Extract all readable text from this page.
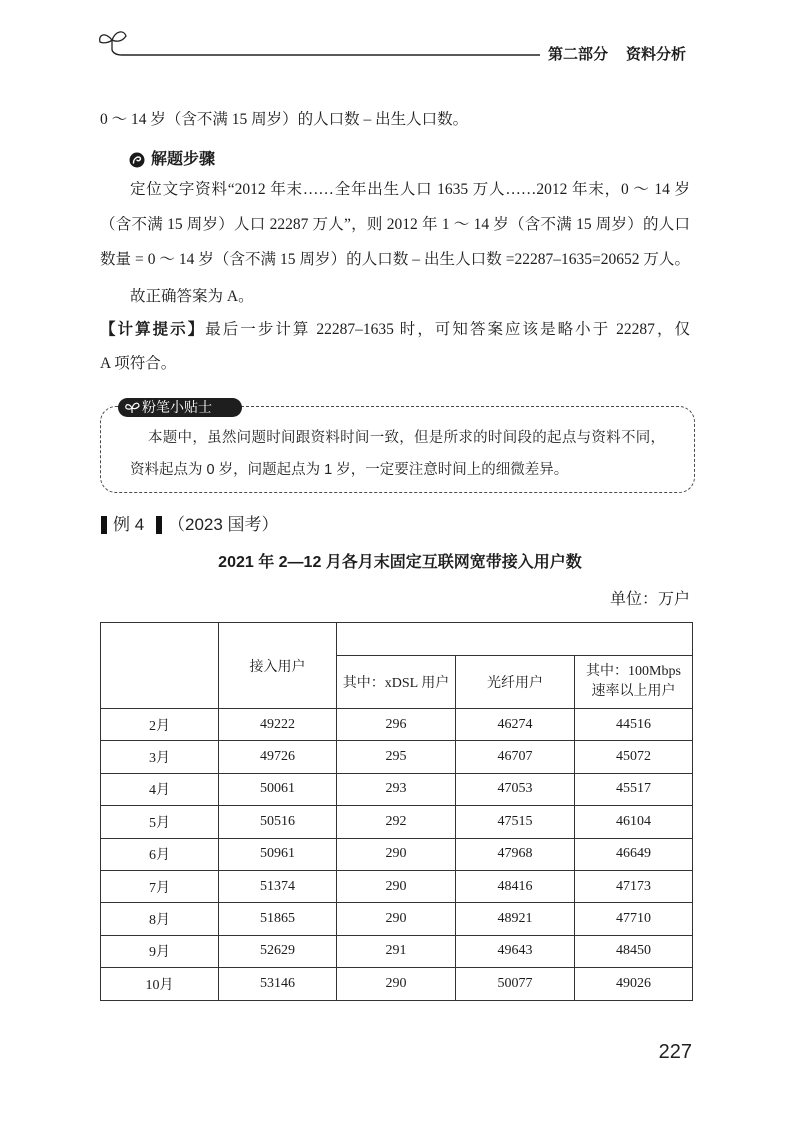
第二部分 资料分析
0 ～ 14 岁（含不满 15 周岁）的人口数 – 出生人口数。
解题步骤
定位文字资料“2012 年末……全年出生人口 1635 万人……2012 年末，0 ～ 14 岁
（含不满 15 周岁）人口 22287 万人”，则 2012 年 1 ～ 14 岁（含不满 15 周岁）的人口
数量 = 0 ～ 14 岁（含不满 15 周岁）的人口数 – 出生人口数 =22287–1635=20652 万人。
故正确答案为 A。
【计算提示】最后一步计算 22287–1635 时，可知答案应该是略小于 22287，仅
A 项符合。
粉笔小贴士
本题中，虽然问题时间跟资料时间一致，但是所求的时间段的起点与资料不同，
资料起点为 0 岁，问题起点为 1 岁，一定要注意时间上的细微差异。
例 4 （2023 国考）
2021 年 2—12 月各月末固定互联网宽带接入用户数
单位：万户
	接入用户			
		其中：xDSL 用户	光纤用户	其中：100Mbps
速率以上用户

2月	49222	296	46274	44516
3月	49726	295	46707	45072
4月	50061	293	47053	45517
5月	50516	292	47515	46104
6月	50961	290	47968	46649
7月	51374	290	48416	47173
8月	51865	290	48921	47710
9月	52629	291	49643	48450
10月	53146	290	50077	49026
227
